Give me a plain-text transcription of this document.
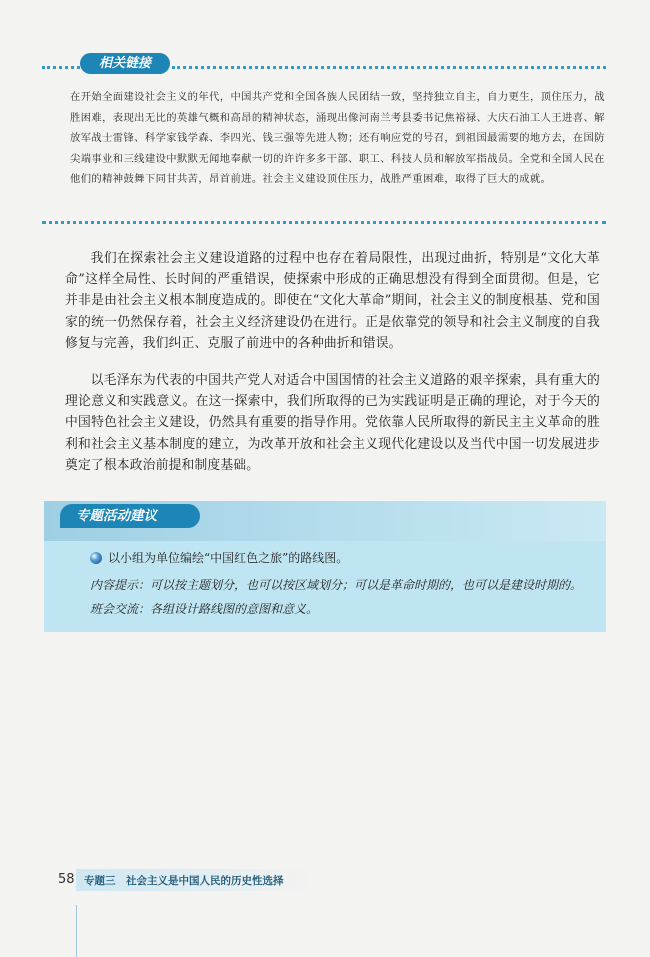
相关链接
在开始全面建设社会主义的年代，中国共产党和全国各族人民团结一致，坚持独立自主，自力更生，顶住压力，战胜困难，表现出无比的英雄气概和高昂的精神状态，涌现出像河南兰考县委书记焦裕禄、大庆石油工人王进喜、解放军战士雷锋、科学家钱学森、李四光、钱三强等先进人物；还有响应党的号召，到祖国最需要的地方去，在国防尖端事业和三线建设中默默无闻地奉献一切的许许多多干部、职工、科技人员和解放军指战员。全党和全国人民在他们的精神鼓舞下同甘共苦，昂首前进。社会主义建设顶住压力，战胜严重困难，取得了巨大的成就。
我们在探索社会主义建设道路的过程中也存在着局限性，出现过曲折，特别是“文化大革命”这样全局性、长时间的严重错误，使探索中形成的正确思想没有得到全面贯彻。但是，它并非是由社会主义根本制度造成的。即使在“文化大革命”期间，社会主义的制度根基、党和国家的统一仍然保存着，社会主义经济建设仍在进行。正是依靠党的领导和社会主义制度的自我修复与完善，我们纠正、克服了前进中的各种曲折和错误。
以毛泽东为代表的中国共产党人对适合中国国情的社会主义道路的艰辛探索，具有重大的理论意义和实践意义。在这一探索中，我们所取得的已为实践证明是正确的理论，对于今天的中国特色社会主义建设，仍然具有重要的指导作用。党依靠人民所取得的新民主主义革命的胜利和社会主义基本制度的建立，为改革开放和社会主义现代化建设以及当代中国一切发展进步奠定了根本政治前提和制度基础。
专题活动建议
以小组为单位编绘“中国红色之旅”的路线图。
内容提示：可以按主题划分，也可以按区域划分；可以是革命时期的，也可以是建设时期的。
班会交流：各组设计路线图的意图和意义。
58 专题三　社会主义是中国人民的历史性选择
